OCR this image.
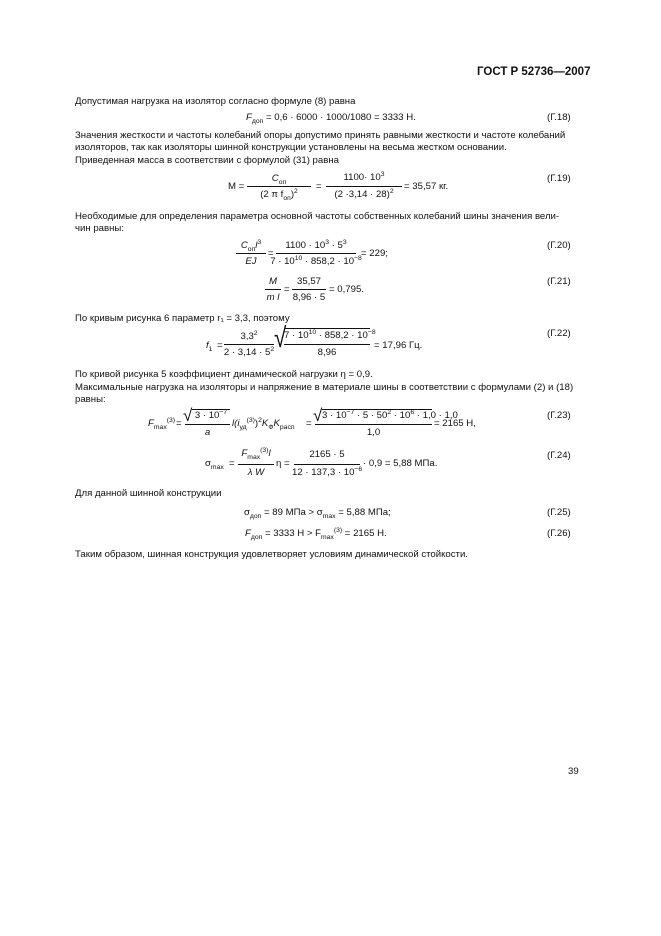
ГОСТ Р 52736—2007
Допустимая нагрузка на изолятор согласно формуле (8) равна
$F_{доп} = 0,6 \cdot 6000 \cdot 1000/1080 = 3333$ Н.	(Г.18)
Значения жесткости и частоты колебаний опоры допустимо принять равными жесткости и частоте колебаний
изоляторов, так как изоляторы шинной конструкции установлены на весьма жестком основании.
Приведенная масса в соответствии с формулой (31) равна
M =
$C_{оп}$
(2 π $f_{оп})^2$	=
$1100\cdot 10^3$
$(2 \cdot 3,14 \cdot 28)^2$	= 35,57 кг.
(Г.19)
Необходимые для определения параметра основной частоты собственных колебаний шины значения вели-
чин равны:
$C_{оп}l^3$
EJ
=
$1100 \cdot 10^3 \cdot 5^3$
$7 \cdot 10^{10} \cdot 858,2 \cdot 10^{-8} = 229$;
(Г.20)
M
m l
=
35,57
8,96 · 5
= 0,795.
(Г.21)
По кривым рисунка 6 параметр r₁ = 3,3, поэтому
$f_1$ =
$3,3^2$
$2 \cdot 3,14 \cdot 5^2$ √
$7 \cdot 10^{10} \cdot 858,2 \cdot 10^{-8}$
8,96
= 17,96 Гц.
(Г.22)
По кривой рисунка 5 коэффициент динамической нагрузки η = 0,9.
Максимальные нагрузка на изоляторы и напряжение в материале шины в соответствии с формулами (2) и (18)
равны:
$F_{max}^{(3)}$ = √ $3 \cdot 10^{-7}$
a
$l(i_{уд}^{(3)})^2K_ФK_{расп}$ = √ $3 \cdot 10^{-7} \cdot 5 \cdot 50^2 \cdot 10^6 \cdot 1,0 \cdot 1,0$
1,0
= 2165 Н,
(Г.23)
$\sigma_{max}$ =
$F_{max}^{(3)}l$
λ W
η =
2165 · 5
$12 \cdot 137,3 \cdot 10^{-6}$
· 0,9 = 5,88 МПа.
(Г.24)
Для данной шинной конструкции
$\sigma_{доп} = 89$ МПа > $\sigma_{max} = 5,88$ МПа;	(Г.25)
$F_{доп} = 3333$ $Н > F_{max}^{(3)} = 2165$ Н.	(Г.26)
Таким образом, шинная конструкция удовлетворяет условиям динамической стойкости.
39
